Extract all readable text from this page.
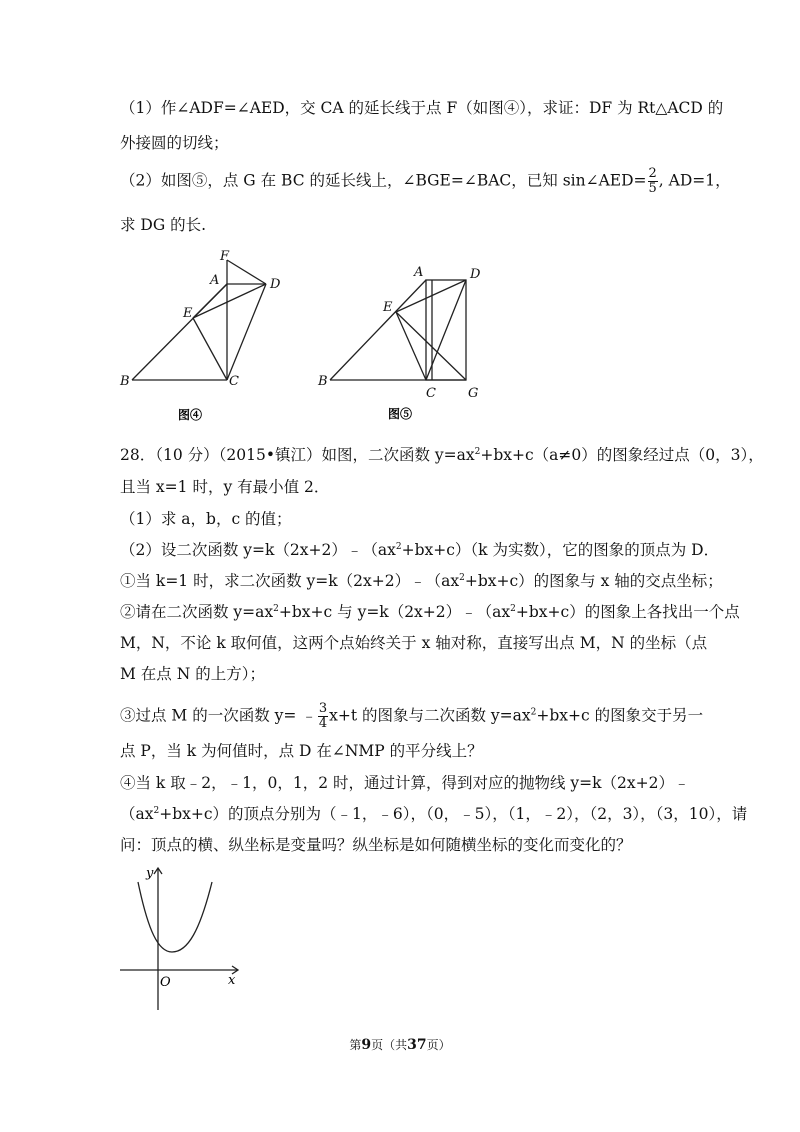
（1）作∠ADF=∠AED，交 CA 的延长线于点 F（如图④），求证：DF 为 Rt△ACD 的
外接圆的切线；
（2）如图⑤，点 G 在 BC 的延长线上，∠BGE=∠BAC，已知 sin∠AED= $\frac{2}{5}$ , AD=1，
求 DG 的长.
F
A	D
E
B	C
图④
A	D
E
B
C G
图⑤
28．（10 分）（2015•镇江）如图，二次函数 $y=ax^2+bx+c(a\ne 0)$的图象经过点（0，3），
且当 x=1 时，y 有最小值 2．
（1）求 a，b，c 的值；
（2）设二次函数 $y=k(2x+2)﹣(ax^2+bx+c)(k$ 为实数），它的图象的顶点为 D．
①当 k=1 时，求二次函数 $y=k(2x+2)﹣(ax^2+bx+c)$的图象与 x 轴的交点坐标；
②请在二次函数 $y=ax^2+bx+c$ 与 $y=k(2x+2)﹣(ax^2+bx+c)$的图象上各找出一个点
M，N，不论 k 取何值，这两个点始终关于 x 轴对称，直接写出点 M，N 的坐标（点
M 在点 N 的上方）；
③过点 M 的一次函数 y= ﹣ $\frac{3}{4} x+t$ 的图象与二次函数 $y=ax^2+bx+c$ 的图象交于另一
点 P，当 k 为何值时，点 D 在∠NMP 的平分线上？
④当 k 取﹣2，﹣1，0，1，2 时，通过计算，得到对应的抛物线 y=k（2x+2）﹣
$(ax^2+bx+c)$的顶点分别为（﹣1，﹣6），（0，﹣5），（1，﹣2），（2，3），（3，10），请
问：顶点的横、纵坐标是变量吗？纵坐标是如何随横坐标的变化而变化的？
y
x
O
第9页（共37页）
